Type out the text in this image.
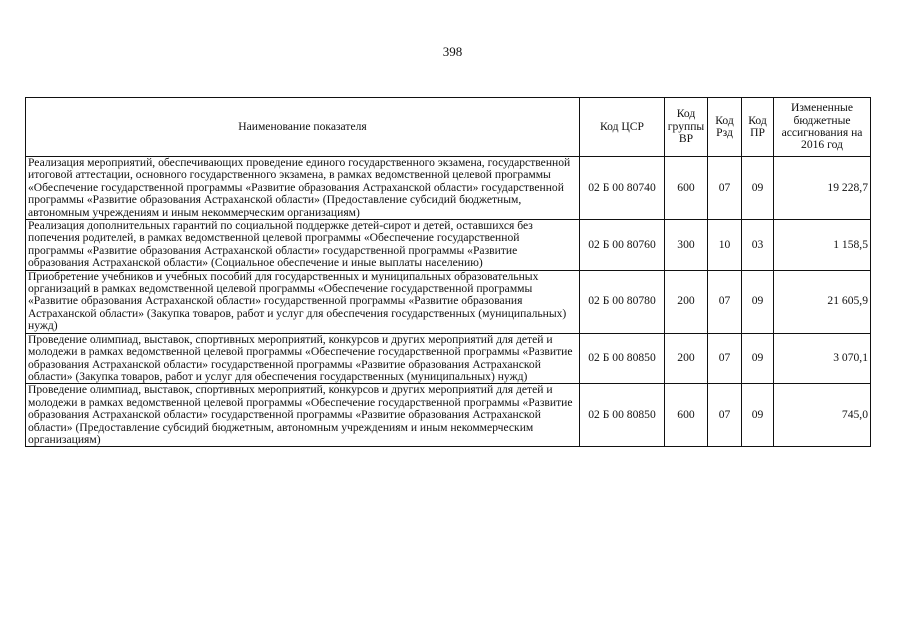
398
Наименование показателя	Код ЦСР	Код группы ВР	Код Рзд	Код ПР	Измененные бюджетные ассигнования на 2016 год
Реализация мероприятий, обеспечивающих проведение единого государственного экзамена, государственной итоговой аттестации, основного государственного экзамена, в рамках ведомственной целевой программы «Обеспечение государственной программы «Развитие образования Астраханской области» государственной программы «Развитие образования Астраханской области» (Предоставление субсидий бюджетным, автономным учреждениям и иным некоммерческим организациям)	02 Б 00 80740	600	07	09	19 228,7
Реализация дополнительных гарантий по социальной поддержке детей-сирот и детей, оставшихся без попечения родителей, в рамках ведомственной целевой программы «Обеспечение государственной программы «Развитие образования Астраханской области» государственной программы «Развитие образования Астраханской области» (Социальное обеспечение и иные выплаты населению)	02 Б 00 80760	300	10	03	1 158,5
Приобретение учебников и учебных пособий для государственных и муниципальных образовательных организаций в рамках ведомственной целевой программы «Обеспечение государственной программы «Развитие образования Астраханской области» государственной программы «Развитие образования Астраханской области» (Закупка товаров, работ и услуг для обеспечения государственных (муниципальных) нужд)	02 Б 00 80780	200	07	09	21 605,9
Проведение олимпиад, выставок, спортивных мероприятий, конкурсов и других мероприятий для детей и молодежи в рамках ведомственной целевой программы «Обеспечение государственной программы «Развитие образования Астраханской области» государственной программы «Развитие образования Астраханской области» (Закупка товаров, работ и услуг для обеспечения государственных (муниципальных) нужд)	02 Б 00 80850	200	07	09	3 070,1
Проведение олимпиад, выставок, спортивных мероприятий, конкурсов и других мероприятий для детей и молодежи в рамках ведомственной целевой программы «Обеспечение государственной программы «Развитие образования Астраханской области» государственной программы «Развитие образования Астраханской области» (Предоставление субсидий бюджетным, автономным учреждениям и иным некоммерческим организациям)	02 Б 00 80850	600	07	09	745,0
